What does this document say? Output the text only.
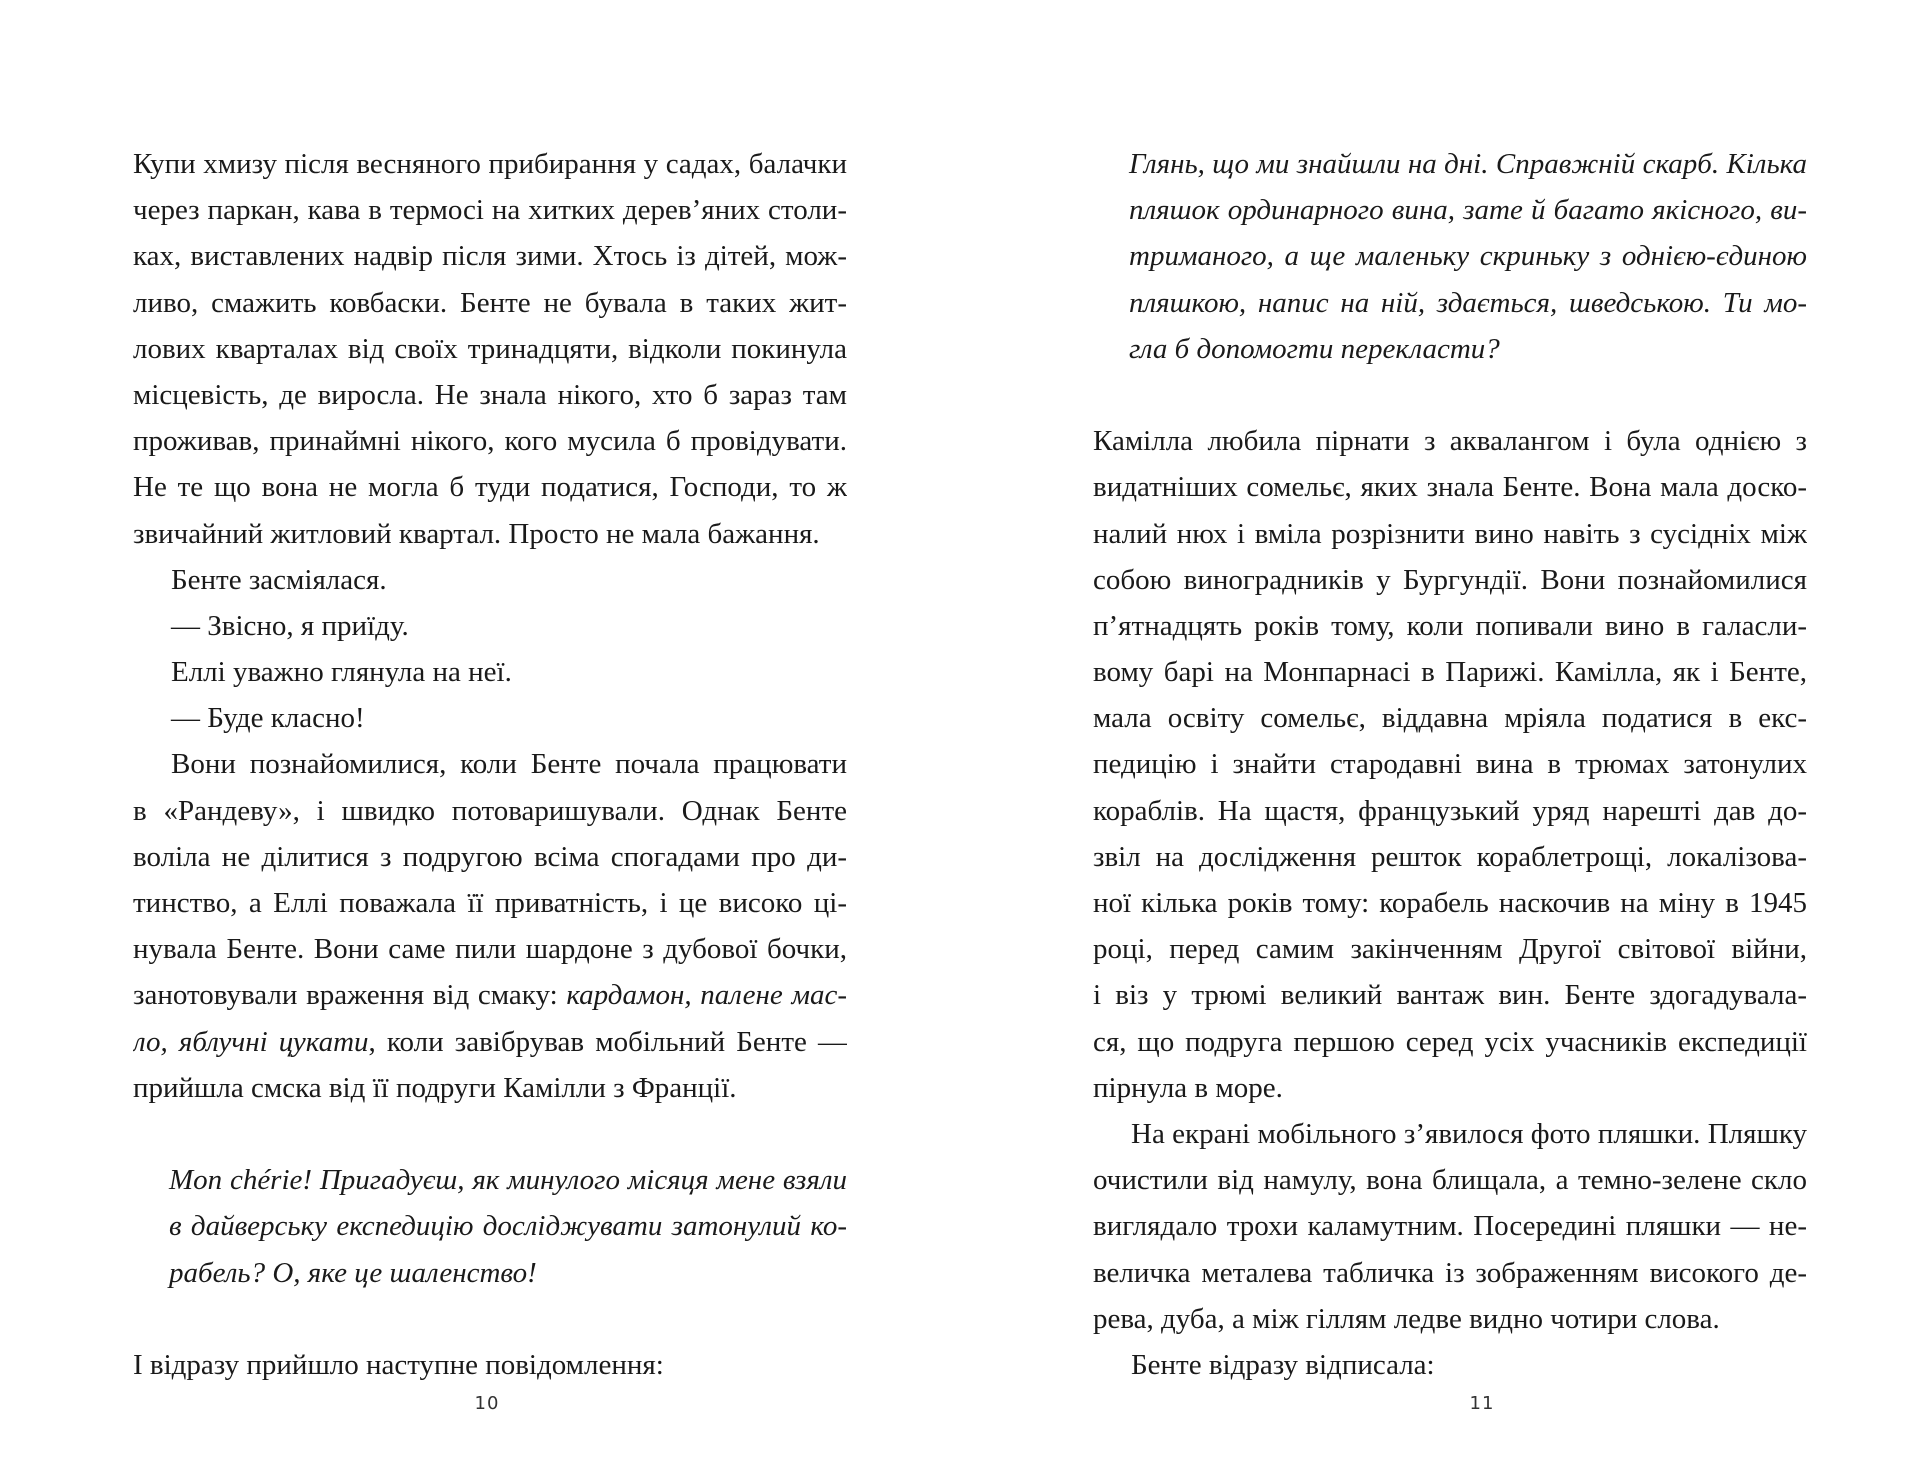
Купи хмизу після весняного прибирання у садах, балачки
через паркан, кава в термосі на хитких дерев’яних столи-
ках, виставлених надвір після зими. Хтось із дітей, мож-
ливо, смажить ковбаски. Бенте не бувала в таких жит-
лових кварталах від своїх тринадцяти, відколи покинула
місцевість, де виросла. Не знала нікого, хто б зараз там
проживав, принаймні нікого, кого мусила б провідувати.
Не те що вона не могла б туди податися, Господи, то ж
звичайний житловий квартал. Просто не мала бажання.
Бенте засміялася.
— Звісно, я приїду.
Еллі уважно глянула на неї.
— Буде класно!
Вони познайомилися, коли Бенте почала працювати
в «Рандеву», і швидко потоваришували. Однак Бенте
воліла не ділитися з подругою всіма спогадами про ди-
тинство, а Еллі поважала її приватність, і це високо ці-
нувала Бенте. Вони саме пили шардоне з дубової бочки,
занотовували враження від смаку: кардамон, палене мас-
ло, яблучні цукати, коли завібрував мобільний Бенте —
прийшла смска від її подруги Камілли з Франції.
Mon chérie! Пригадуєш, як минулого місяця мене взяли
в дайверську експедицію досліджувати затонулий ко-
рабель? О, яке це шаленство!
І відразу прийшло наступне повідомлення:
10
Глянь, що ми знайшли на дні. Справжній скарб. Кілька
пляшок ординарного вина, зате й багато якісного, ви-
триманого, а ще маленьку скриньку з однією-єдиною
пляшкою, напис на ній, здається, шведською. Ти мо-
гла б допомогти перекласти?
Камілла любила пірнати з аквалангом і була однією з
видатніших сомельє, яких знала Бенте. Вона мала доско-
налий нюх і вміла розрізнити вино навіть з сусідніх між
собою виноградників у Бургундії. Вони познайомилися
п’ятнадцять років тому, коли попивали вино в галасли-
вому барі на Монпарнасі в Парижі. Камілла, як і Бенте,
мала освіту сомельє, віддавна мріяла податися в екс-
педицію і знайти стародавні вина в трюмах затонулих
кораблів. На щастя, французький уряд нарешті дав до-
звіл на дослідження решток кораблетрощі, локалізова-
ної кілька років тому: корабель наскочив на міну в 1945
році, перед самим закінченням Другої світової війни,
і віз у трюмі великий вантаж вин. Бенте здогадувала-
ся, що подруга першою серед усіх учасників експедиції
пірнула в море.
На екрані мобільного з’явилося фото пляшки. Пляшку
очистили від намулу, вона блищала, а темно-зелене скло
виглядало трохи каламутним. Посередині пляшки — не-
величка металева табличка із зображенням високого де-
рева, дуба, а між гіллям ледве видно чотири слова.
Бенте відразу відписала:
11
